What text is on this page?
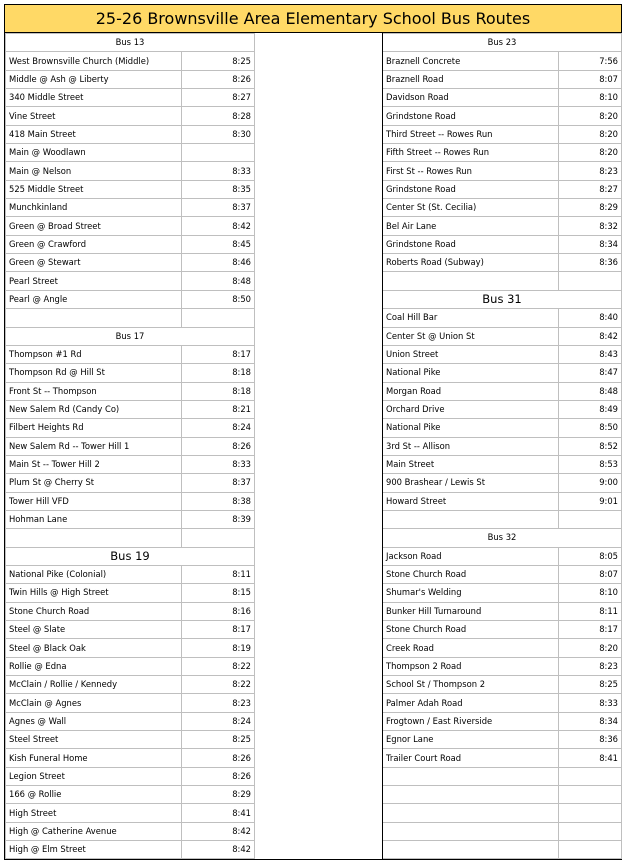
25-26 Brownsville Area Elementary School Bus Routes
Bus 13			Bus 23	
West Brownsville Church (Middle)	8:25		Braznell Concrete	7:56
Middle @ Ash @ Liberty	8:26		Braznell Road	8:07
340 Middle Street	8:27		Davidson Road	8:10
Vine Street	8:28		Grindstone Road	8:20
418 Main Street	8:30		Third Street -- Rowes Run	8:20
Main @ Woodlawn			Fifth Street -- Rowes Run	8:20
Main @ Nelson	8:33		First St -- Rowes Run	8:23
525 Middle Street	8:35		Grindstone Road	8:27
Munchkinland	8:37		Center St (St. Cecilia)	8:29
Green @ Broad Street	8:42		Bel Air Lane	8:32
Green @ Crawford	8:45		Grindstone Road	8:34
Green @ Stewart	8:46		Roberts Road (Subway)	8:36
Pearl Street	8:48			
Pearl @ Angle	8:50		Bus 31	
			Coal Hill Bar	8:40
Bus 17			Center St @ Union St	8:42
Thompson #1 Rd	8:17		Union Street	8:43
Thompson Rd @ Hill St	8:18		National Pike	8:47
Front St -- Thompson	8:18		Morgan Road	8:48
New Salem Rd (Candy Co)	8:21		Orchard Drive	8:49
Filbert Heights Rd	8:24		National Pike	8:50
New Salem Rd -- Tower Hill 1	8:26		3rd St -- Allison	8:52
Main St -- Tower Hill 2	8:33		Main Street	8:53
Plum St @ Cherry St	8:37		900 Brashear / Lewis St	9:00
Tower Hill VFD	8:38		Howard Street	9:01
Hohman Lane	8:39			
			Bus 32	
Bus 19			Jackson Road	8:05
National Pike (Colonial)	8:11		Stone Church Road	8:07
Twin Hills @ High Street	8:15		Shumar's Welding	8:10
Stone Church Road	8:16		Bunker Hill Turnaround	8:11
Steel @ Slate	8:17		Stone Church Road	8:17
Steel @ Black Oak	8:19		Creek Road	8:20
Rollie @ Edna	8:22		Thompson 2 Road	8:23
McClain / Rollie / Kennedy	8:22		School St / Thompson 2	8:25
McClain @ Agnes	8:23		Palmer Adah Road	8:33
Agnes @ Wall	8:24		Frogtown / East Riverside	8:34
Steel Street	8:25		Egnor Lane	8:36
Kish Funeral Home	8:26		Trailer Court Road	8:41
Legion Street	8:26			
166 @ Rollie	8:29			
High Street	8:41			
High @ Catherine Avenue	8:42			
High @ Elm Street	8:42			
